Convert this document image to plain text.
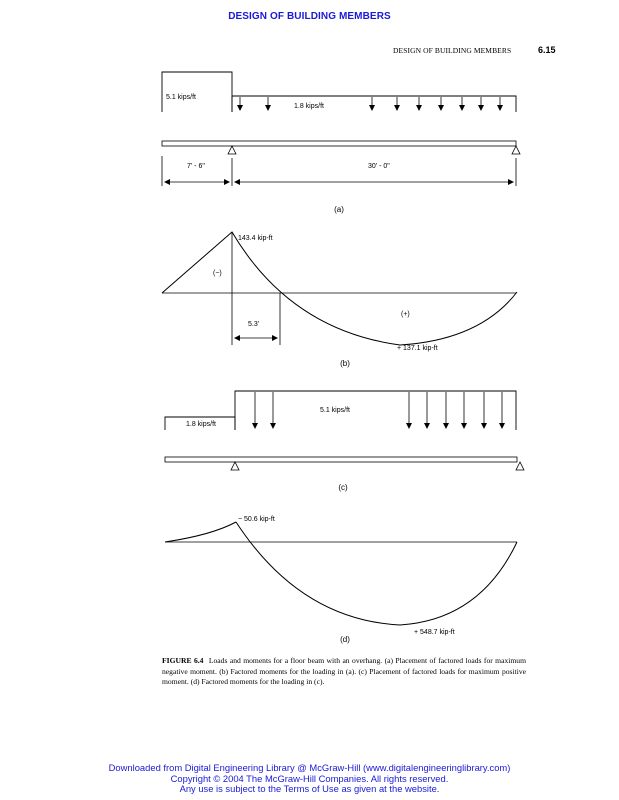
DESIGN OF BUILDING MEMBERS
DESIGN OF BUILDING MEMBERS	6.15
5.1 kips/ft
1.8 kips/ft
7' - 6"	30' - 0"
(a)
143.4 kip-ft
(−)
(+)
5.3'
+ 137.1 kip-ft
(b)
1.8 kips/ft
5.1 kips/ft
(c)
− 50.6 kip-ft
+ 548.7 kip-ft
(d)
FIGURE 6.4 Loads and moments for a floor beam with an overhang. (a) Placement of factored loads for maximum negative moment. (b) Factored moments for the loading in (a). (c) Placement of factored loads for maximum positive moment. (d) Factored moments for the loading in (c).
Downloaded from Digital Engineering Library @ McGraw-Hill (www.digitalengineeringlibrary.com)
Copyright © 2004 The McGraw-Hill Companies. All rights reserved.
Any use is subject to the Terms of Use as given at the website.
